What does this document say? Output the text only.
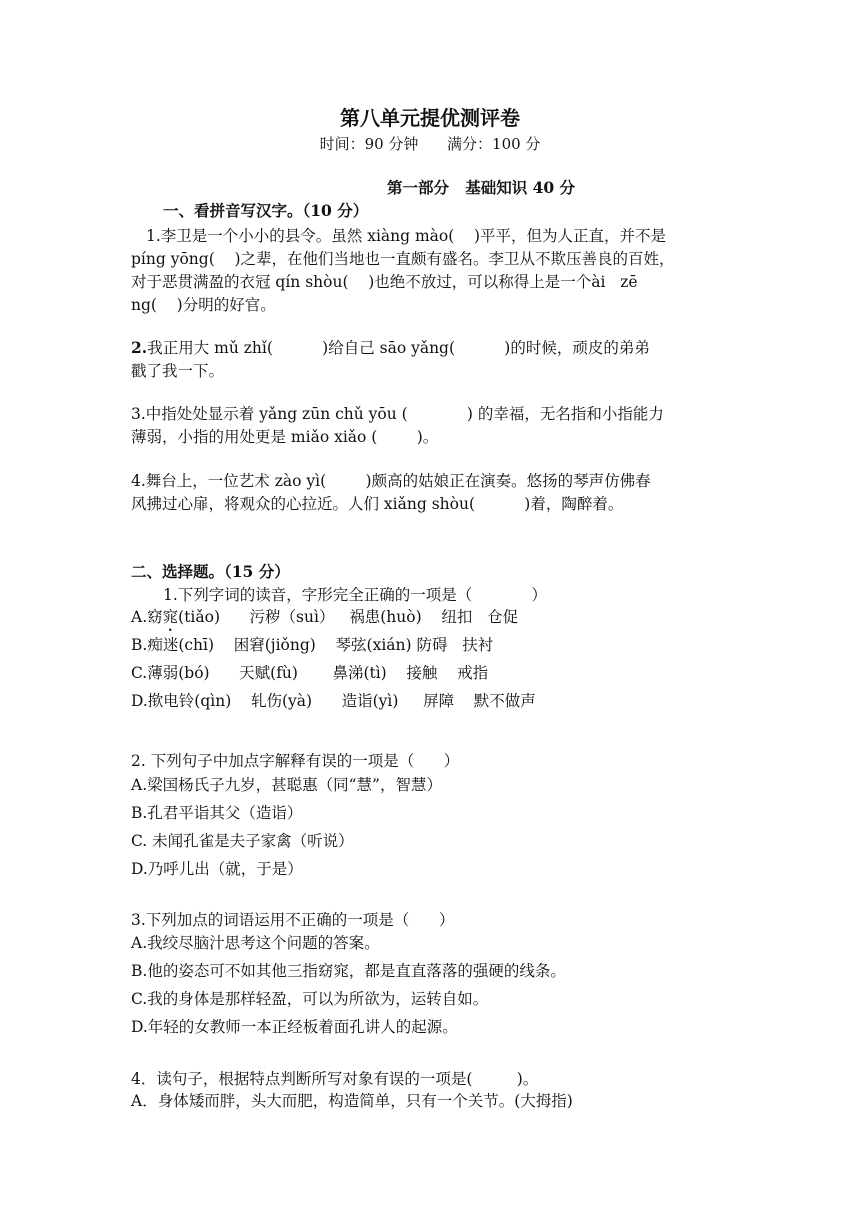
第八单元提优测评卷
时间：90 分钟      满分：100 分
第一部分   基础知识 40 分
一、看拼音写汉字。（10 分）
1.李卫是一个小小的县令。虽然 xiàng mào(    )平平，但为人正直，并不是
píng yōng(    )之辈，在他们当地也一直颇有盛名。李卫从不欺压善良的百姓，
对于恶贯满盈的衣冠 qín shòu(    )也绝不放过，可以称得上是一个ài   zē
ng(    )分明的好官。
2.我正用大 mǔ zhǐ(          )给自己 sāo yǎng(          )的时候，顽皮的弟弟
戳了我一下。
3.中指处处显示着 yǎng zūn chǔ yōu (            ) 的幸福，无名指和小指能力
薄弱，小指的用处更是 miǎo xiǎo (        )。
4.舞台上，一位艺术 zào yì(        )颇高的姑娘正在演奏。悠扬的琴声仿佛春
风拂过心扉，将观众的心拉近。人们 xiǎng shòu(          )着，陶醉着。
二、选择题。（15 分）
1.下列字词的读音，字形完全正确的一项是（            ）
A.窈窕(tiǎo)      污秽（suì）   祸患(huò)    纽扣   仓促
B.痴迷(chī)    困窘(jiǒng)    琴弦(xián) 防碍   扶衬
C.薄弱(bó)      天赋(fù)       鼻涕(tì)    接触    戒指
D.揿电铃(qìn)    轧伤(yà)      造诣(yì)     屏障    默不做声
2. 下列句子中加点字解释有误的一项是（      ）
A.梁国杨氏子九岁，甚聪惠（同“慧”，智慧）
B.孔君平诣其父（造诣）
C. 未闻孔雀是夫子家禽（听说）
D.乃呼儿出（就，于是）
3.下列加点的词语运用不正确的一项是（      ）
A.我绞尽脑汁思考这个问题的答案。
B.他的姿态可不如其他三指窈窕，都是直直落落的强硬的线条。
C.我的身体是那样轻盈，可以为所欲为，运转自如。
D.年轻的女教师一本正经板着面孔讲人的起源。
4．读句子，根据特点判断所写对象有误的一项是(         )。
A．身体矮而胖，头大而肥，构造简单，只有一个关节。(大拇指)
